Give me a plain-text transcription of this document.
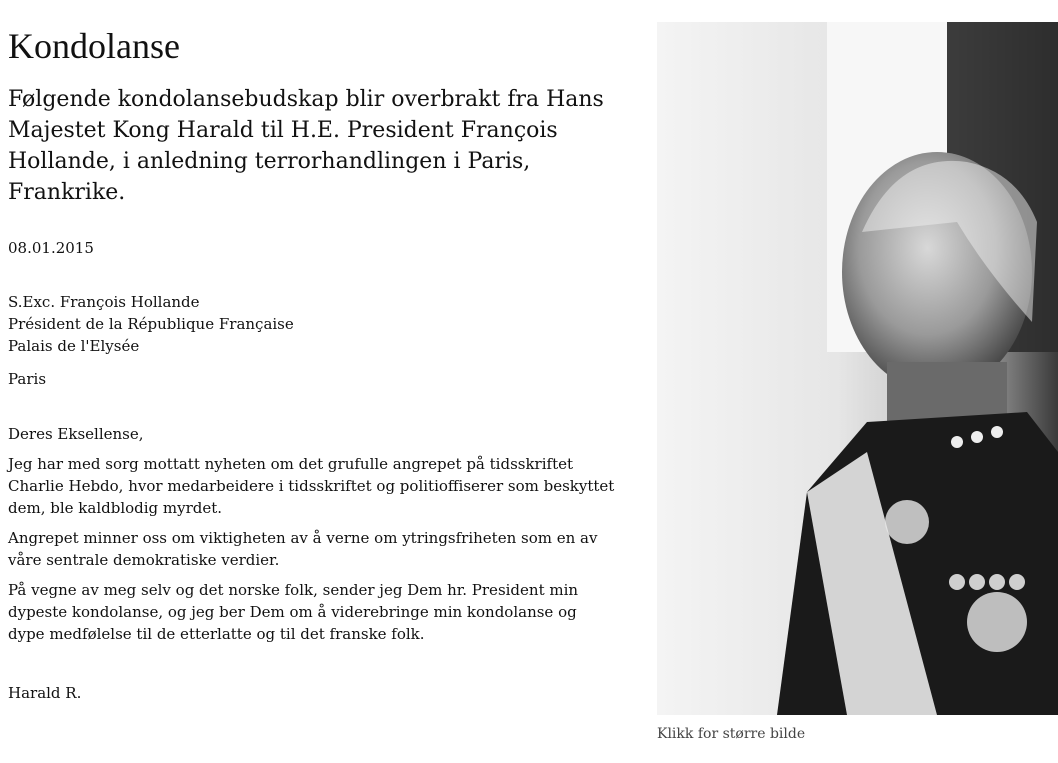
Kondolanse

Følgende kondolansebudskap blir overbrakt fra Hans Majestet Kong Harald til H.E. President François Hollande, i anledning terrorhandlingen i Paris, Frankrike.

08.01.2015
S.Exc. François Hollande
Président de la République Française
Palais de l'Elysée
Paris
Deres Eksellense,
Jeg har med sorg mottatt nyheten om det grufulle angrepet på tidsskriftet Charlie Hebdo, hvor medarbeidere i tidsskriftet og politioffiserer som beskyttet dem, ble kaldblodig myrdet.
Angrepet minner oss om viktigheten av å verne om ytringsfriheten som en av våre sentrale demokratiske verdier.
På vegne av meg selv og det norske folk, sender jeg Dem hr. President min dypeste kondolanse, og jeg ber Dem om å viderebringe min kondolanse og dype medfølelse til de etterlatte og til det franske folk.
Harald R.
Klikk for større bilde
